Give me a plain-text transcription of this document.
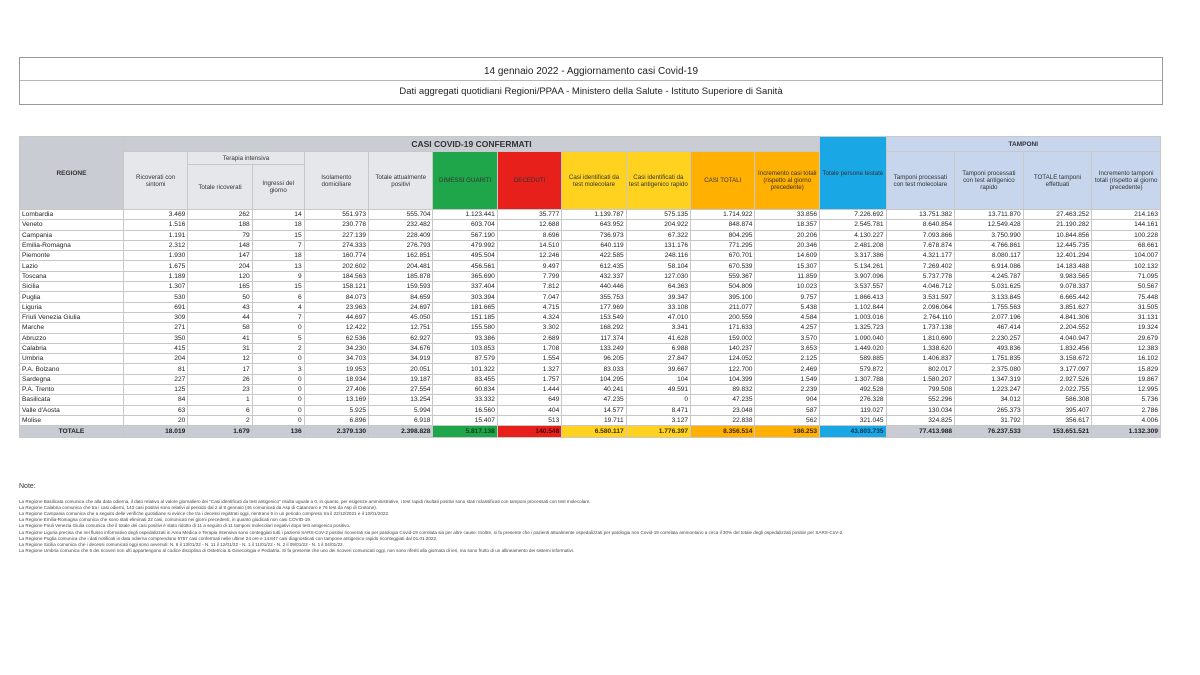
14 gennaio 2022 - Aggiornamento casi Covid-19
Dati aggregati quotidiani Regioni/PPAA - Ministero della Salute - Istituto Superiore di Sanità
REGIONE	CASI COVID-19 CONFERMATI											Totale persone testate	TAMPONI			
	Ricoverati con sintomi	Terapia intensiva		Isolamento domiciliare	Totale attualmente positivi	DIMESSI GUARITI	DECEDUTI	Casi identificati da test molecolare	Casi identificati da test antigenico rapido	CASI TOTALI	Incremento casi totali (rispetto al giorno precedente)		Tamponi processati con test molecolare	Tamponi processati con test antigenico rapido	TOTALE tamponi effettuati	Incremento tamponi totali (rispetto al giorno precedente)
		Totale ricoverati	Ingressi del giorno													
Lombardia	3.469	262	14	551.973	555.704	1.123.441	35.777	1.139.787	575.135	1.714.922	33.856	7.226.692	13.751.382	13.711.870	27.463.252	214.163
Veneto	1.516	188	18	230.778	232.482	603.704	12.688	643.952	204.922	848.874	18.357	2.545.781	8.640.854	12.549.428	21.190.282	144.161
Campania	1.191	79	15	227.139	228.409	567.190	8.696	736.973	67.322	804.295	20.206	4.130.227	7.093.866	3.750.990	10.844.856	100.228
Emilia-Romagna	2.312	148	7	274.333	276.793	479.992	14.510	640.119	131.176	771.295	20.346	2.481.208	7.678.874	4.766.861	12.445.735	68.661
Piemonte	1.930	147	18	160.774	162.851	495.504	12.246	422.585	248.116	670.701	14.609	3.317.386	4.321.177	8.080.117	12.401.294	104.007
Lazio	1.675	204	13	202.602	204.481	456.561	9.497	612.435	58.104	670.539	15.307	5.134.261	7.269.402	6.914.086	14.183.488	102.132
Toscana	1.189	120	9	184.563	185.878	365.690	7.799	432.337	127.030	559.367	11.859	3.907.096	5.737.778	4.245.787	9.983.565	71.095
Sicilia	1.307	165	15	158.121	159.593	337.404	7.812	440.446	64.363	504.809	10.023	3.537.557	4.046.712	5.031.625	9.078.337	50.567
Puglia	530	50	6	84.073	84.659	303.394	7.047	355.753	39.347	395.100	9.757	1.866.413	3.531.597	3.133.845	6.665.442	75.448
Liguria	691	43	4	23.963	24.697	181.665	4.715	177.969	33.108	211.077	5.438	1.102.844	2.096.064	1.755.563	3.851.627	31.505
Friuli Venezia Giulia	309	44	7	44.697	45.050	151.185	4.324	153.549	47.010	200.559	4.584	1.003.016	2.764.110	2.077.196	4.841.306	31.131
Marche	271	58	0	12.422	12.751	155.580	3.302	168.292	3.341	171.633	4.257	1.325.723	1.737.138	467.414	2.204.552	19.324
Abruzzo	350	41	5	62.536	62.927	93.386	2.689	117.374	41.628	159.002	3.570	1.090.040	1.810.690	2.230.257	4.040.947	29.679
Calabria	415	31	2	34.230	34.676	103.853	1.708	133.249	6.988	140.237	3.653	1.449.020	1.338.620	493.836	1.832.456	12.383
Umbria	204	12	0	34.703	34.919	87.579	1.554	96.205	27.847	124.052	2.125	589.885	1.406.837	1.751.835	3.158.672	16.102
P.A. Bolzano	81	17	3	19.953	20.051	101.322	1.327	83.033	39.667	122.700	2.469	579.872	802.017	2.375.080	3.177.097	15.829
Sardegna	227	26	0	18.934	19.187	83.455	1.757	104.295	104	104.399	1.549	1.307.788	1.580.207	1.347.319	2.927.526	19.867
P.A. Trento	125	23	0	27.406	27.554	60.834	1.444	40.241	49.591	89.832	2.239	492.528	799.508	1.223.247	2.022.755	12.995
Basilicata	84	1	0	13.169	13.254	33.332	649	47.235	0	47.235	904	276.328	552.296	34.012	586.308	5.736
Valle d'Aosta	63	6	0	5.925	5.994	16.560	404	14.577	8.471	23.048	587	119.027	130.034	265.373	395.407	2.786
Molise	20	2	0	6.896	6.918	15.407	513	19.711	3.127	22.838	562	321.045	324.825	31.792	356.617	4.006
TOTALE	18.019	1.679	136	2.379.130	2.398.828	5.817.138	140.548	6.580.117	1.776.397	8.356.514	186.253	43.803.735	77.413.988	76.237.533	153.651.521	1.132.309
Note:
La Regione Basilicata comunica che alla data odierna, il dato relativo al valore giornaliero dei "Casi identificati da test antigenico" risulta uguale a 0, in quanto, per esigenze amministrative, i test rapidi risultati positivi sono stati riclassificati con tamponi processati con test molecolare.
La Regione Calabria comunica che tra i casi odierni, 143 casi positivi sono relativi al periodo dal 2 al 8 gennaio (46 comunicati da Asp di Catanzaro e 76 test da Asp di Crotone).
La Regione Campania comunica che a seguito delle verifiche quotidiane si evince che tra i decessi registrati oggi, rientrano 6 in un periodo compreso tra il 22/12/2021 e il 10/01/2022.
La Regione Emilia-Romagna comunica che sono stati eliminati 22 casi, comunicati nei giorni precedenti, in quanto giudicati non casi COVID-19.
La Regione Friuli Venezia Giulia comunica che il totale dei casi positivi è stato ridotto di 11 a seguito di 11 tamponi molecolari negativi dopo test antigenico positivo.
La Regione Liguria precisa che nel flusso informativo degli ospedalizzati in Area Medica e Terapia Intensiva sono conteggiati tutti i pazienti SARS-CoV-2 positivi ricoverati sia per patologia Covid-19 correlata sia per altre cause. Inoltre, si fa presente che i pazienti attualmente ospedalizzati per patologia non Covid-19 correlata ammontano a circa il 30% del totale degli ospedalizzati positivi per SARS-CoV-2.
La Regione Puglia comunica che i dati notificati in data odierna comprendono 5757 casi confermati nelle ultime 24 ore e 14.847 casi diagnosticati con tampone antigenico rapido riconteggiati dal 01.01.2022.
La Regione Sicilia comunica che i decessi comunicati oggi sono avvenuti: N. 6 il 13/01/22 - N. 11 il 12/01/22 - N. 1 il 11/01/22 - N. 2 il 09/01/22 - N. 1 il 04/01/22.
La Regione Umbria comunica che 5 dei ricoveri non ulti appartengono al codice disciplina di Ostetricia & Ginecologia e Pediatria. Si fa presente che uno dei ricoveri comunicati oggi, non sono riferiti alla giornata di ieri, ma sono frutto di un allineamento dei sistemi informativi.
